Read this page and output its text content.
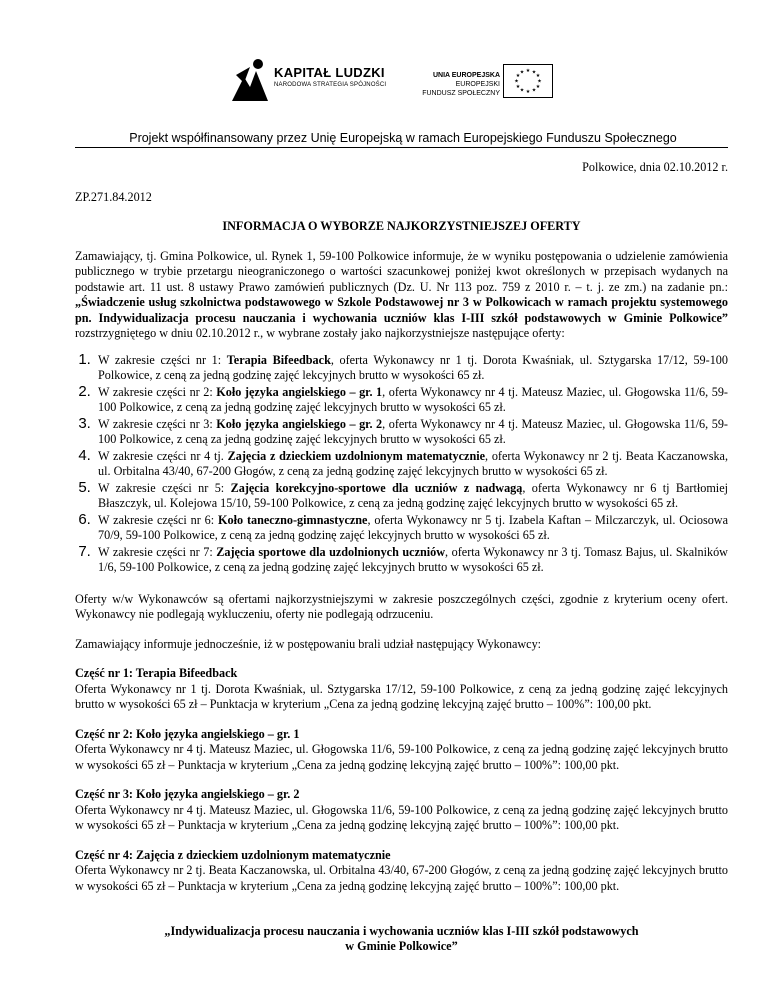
KAPITAŁ LUDZKI
NARODOWA STRATEGIA SPÓJNOŚCI
UNIA EUROPEJSKA
EUROPEJSKI
FUNDUSZ SPOŁECZNY
★ ★
★
★
★
★
★
★
★
★
★
★
Projekt współfinansowany przez Unię Europejską w ramach Europejskiego Funduszu Społecznego

Polkowice, dnia 02.10.2012 r.

ZP.271.84.2012

INFORMACJA O WYBORZE NAJKORZYSTNIEJSZEJ OFERTY

Zamawiający, tj. Gmina Polkowice, ul. Rynek 1, 59-100 Polkowice informuje, że w wyniku postępowania o udzielenie zamówienia publicznego w trybie przetargu nieograniczonego o wartości szacunkowej poniżej kwot określonych w przepisach wydanych na podstawie art. 11 ust. 8 ustawy Prawo zamówień publicznych (Dz. U. Nr 113 poz. 759 z 2010 r. – t. j. ze zm.) na zadanie pn.: „Świadczenie usług szkolnictwa podstawowego w Szkole Podstawowej nr 3 w Polkowicach w ramach projektu systemowego pn. Indywidualizacja procesu nauczania i wychowania uczniów klas I-III szkół podstawowych w Gminie Polkowice” rozstrzygniętego w dniu 02.10.2012 r., w wybrane zostały jako najkorzystniejsze następujące oferty:

1. W zakresie części nr 1: Terapia Bifeedback, oferta Wykonawcy nr 1 tj. Dorota Kwaśniak, ul. Sztygarska 17/12, 59-100 Polkowice, z ceną za jedną godzinę zajęć lekcyjnych brutto w wysokości 65 zł.
2. W zakresie części nr 2: Koło języka angielskiego – gr. 1, oferta Wykonawcy nr 4 tj. Mateusz Maziec, ul. Głogowska 11/6, 59-100 Polkowice, z ceną za jedną godzinę zajęć lekcyjnych brutto w wysokości 65 zł.
3. W zakresie części nr 3: Koło języka angielskiego – gr. 2, oferta Wykonawcy nr 4 tj. Mateusz Maziec, ul. Głogowska 11/6, 59-100 Polkowice, z ceną za jedną godzinę zajęć lekcyjnych brutto w wysokości 65 zł.
4. W zakresie części nr 4 tj. Zajęcia z dzieckiem uzdolnionym matematycznie, oferta Wykonawcy nr 2 tj. Beata Kaczanowska, ul. Orbitalna 43/40, 67-200 Głogów, z ceną za jedną godzinę zajęć lekcyjnych brutto w wysokości 65 zł.
5. W zakresie części nr 5: Zajęcia korekcyjno-sportowe dla uczniów z nadwagą, oferta Wykonawcy nr 6 tj Bartłomiej Błaszczyk, ul. Kolejowa 15/10, 59-100 Polkowice, z ceną za jedną godzinę zajęć lekcyjnych brutto w wysokości 65 zł.
6. W zakresie części nr 6: Koło taneczno-gimnastyczne, oferta Wykonawcy nr 5 tj. Izabela Kaftan – Milczarczyk, ul. Ociosowa 70/9, 59-100 Polkowice, z ceną za jedną godzinę zajęć lekcyjnych brutto w wysokości 65 zł.
7. W zakresie części nr 7: Zajęcia sportowe dla uzdolnionych uczniów, oferta Wykonawcy nr 3 tj. Tomasz Bajus, ul. Skalników 1/6, 59-100 Polkowice, z ceną za jedną godzinę zajęć lekcyjnych brutto w wysokości 65 zł.

Oferty w/w Wykonawców są ofertami najkorzystniejszymi w zakresie poszczególnych części, zgodnie z kryterium oceny ofert. Wykonawcy nie podlegają wykluczeniu, oferty nie podlegają odrzuceniu.

Zamawiający informuje jednocześnie, iż w postępowaniu brali udział następujący Wykonawcy:

Część nr 1: Terapia Bifeedback

Oferta Wykonawcy nr 1 tj. Dorota Kwaśniak, ul. Sztygarska 17/12, 59-100 Polkowice, z ceną za jedną godzinę zajęć lekcyjnych brutto w wysokości 65 zł – Punktacja w kryterium „Cena za jedną godzinę lekcyjną zajęć brutto – 100%”: 100,00 pkt.

Część nr 2: Koło języka angielskiego – gr. 1

Oferta Wykonawcy nr 4 tj. Mateusz Maziec, ul. Głogowska 11/6, 59-100 Polkowice, z ceną za jedną godzinę zajęć lekcyjnych brutto w wysokości 65 zł – Punktacja w kryterium „Cena za jedną godzinę lekcyjną zajęć brutto – 100%”: 100,00 pkt.

Część nr 3: Koło języka angielskiego – gr. 2

Oferta Wykonawcy nr 4 tj. Mateusz Maziec, ul. Głogowska 11/6, 59-100 Polkowice, z ceną za jedną godzinę zajęć lekcyjnych brutto w wysokości 65 zł – Punktacja w kryterium „Cena za jedną godzinę lekcyjną zajęć brutto – 100%”: 100,00 pkt.

Część nr 4: Zajęcia z dzieckiem uzdolnionym matematycznie

Oferta Wykonawcy nr 2 tj. Beata Kaczanowska, ul. Orbitalna 43/40, 67-200 Głogów, z ceną za jedną godzinę zajęć lekcyjnych brutto w wysokości 65 zł – Punktacja w kryterium „Cena za jedną godzinę lekcyjną zajęć brutto – 100%”: 100,00 pkt.

„Indywidualizacja procesu nauczania i wychowania uczniów klas I-III szkół podstawowych
w Gminie Polkowice”
